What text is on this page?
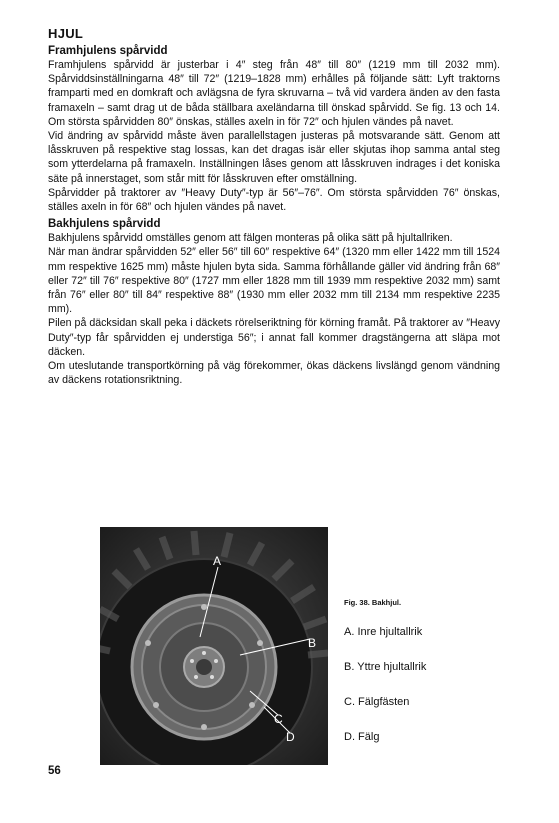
HJUL
Framhjulens spårvidd

Framhjulens spårvidd är justerbar i 4″ steg från 48″ till 80″ (1219 mm till 2032 mm). Spårviddsinställningarna 48″ till 72″ (1219–1828 mm) erhålles på följande sätt: Lyft traktorns framparti med en domkraft och avlägsna de fyra skruvarna – två vid vardera änden av den fasta framaxeln – samt drag ut de båda ställbara axeländarna till önskad spårvidd. Se fig. 13 och 14. Om största spårvidden 80″ önskas, ställes axeln in för 72″ och hjulen vändes på navet.

Vid ändring av spårvidd måste även parallellstagen justeras på motsvarande sätt. Genom att låsskruven på respektive stag lossas, kan det dragas isär eller skjutas ihop samma antal steg som ytterdelarna på framaxeln. Inställningen låses genom att låsskruven indrages i det koniska säte på innerstaget, som står mitt för låsskruven efter omställning.

Spårvidder på traktorer av ″Heavy Duty″-typ är 56″–76″. Om största spårvidden 76″ önskas, ställes axeln in för 68″ och hjulen vändes på navet.

Bakhjulens spårvidd

Bakhjulens spårvidd omställes genom att fälgen monteras på olika sätt på hjultallriken.

När man ändrar spårvidden 52″ eller 56″ till 60″ respektive 64″ (1320 mm eller 1422 mm till 1524 mm respektive 1625 mm) måste hjulen byta sida. Samma förhållande gäller vid ändring från 68″ eller 72″ till 76″ respektive 80″ (1727 mm eller 1828 mm till 1939 mm respektive 2032 mm) samt från 76″ eller 80″ till 84″ respektive 88″ (1930 mm eller 2032 mm till 2134 mm respektive 2235 mm).

Pilen på däcksidan skall peka i däckets rörelseriktning för körning framåt. På traktorer av ″Heavy Duty″-typ får spårvidden ej understiga 56″; i annat fall kommer dragstängerna att släpa mot däcken.

Om uteslutande transportkörning på väg förekommer, ökas däckens livslängd genom vändning av däckens rotationsriktning.

A
B
C
D
Fig. 38. Bakhjul.
A. Inre hjultallrik
B. Yttre hjultallrik
C. Fälgfästen
D. Fälg
56
